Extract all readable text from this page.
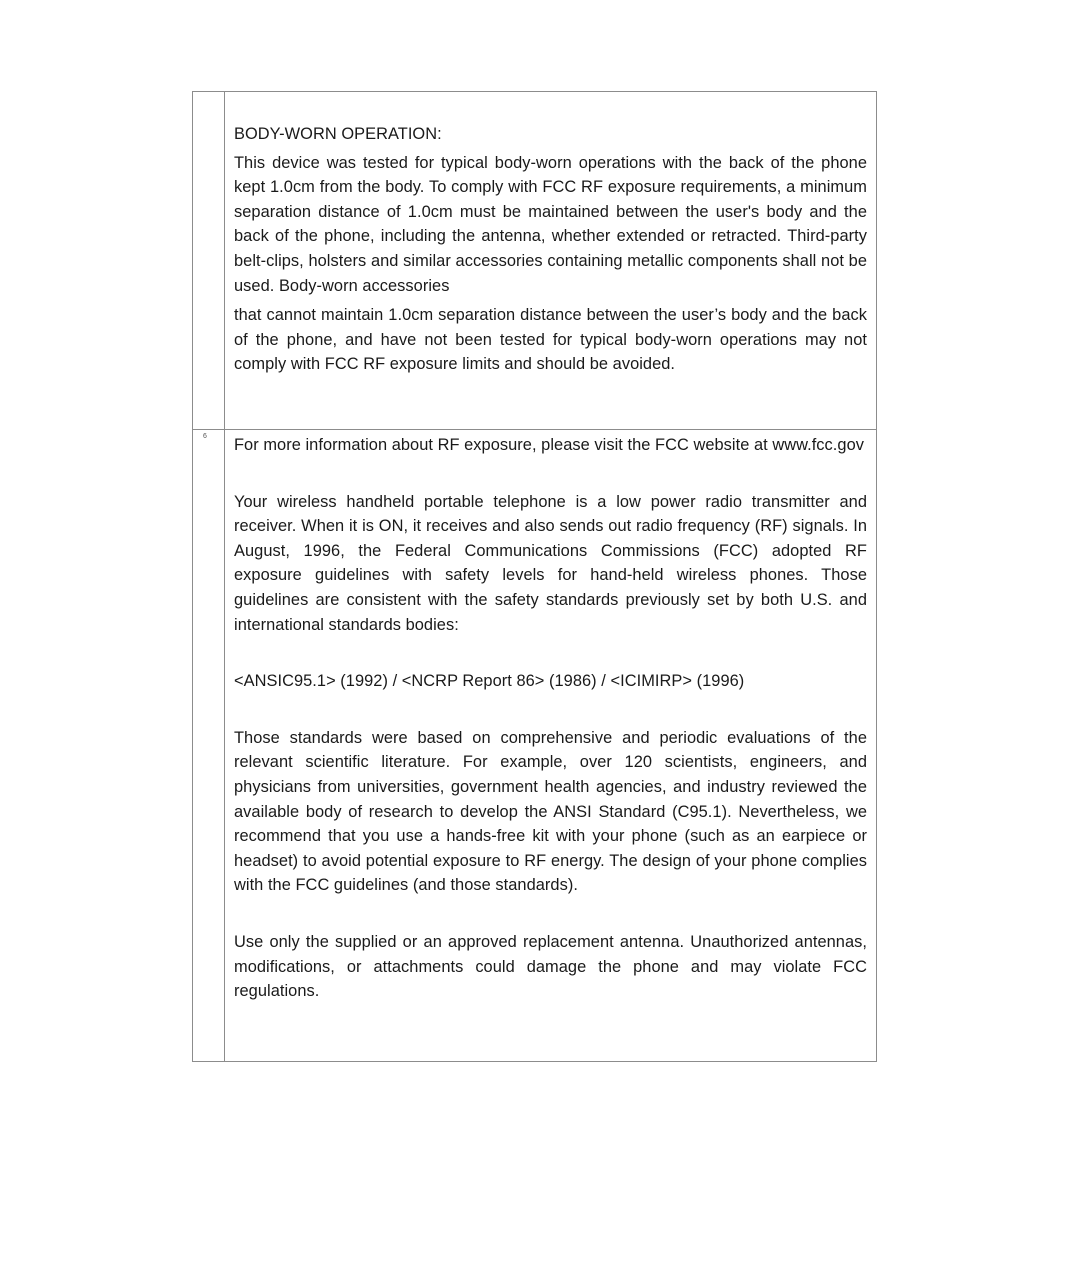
	BODY-WORN OPERATION:

This device was tested for typical body-worn operations with the back of the phone kept 1.0cm from the body. To comply with FCC RF exposure requirements, a minimum separation distance of 1.0cm must be maintained between the user's body and the back of the phone, including the antenna, whether extended or retracted. Third-party belt-clips, holsters and similar accessories containing metallic components shall not be used. Body-worn accessories

that cannot maintain 1.0cm separation distance between the user’s body and the back of the phone, and have not been tested for typical body-worn operations may not comply with FCC RF exposure limits and should be avoided.

6	For more information about RF exposure, please visit the FCC website at www.fcc.gov

Your wireless handheld portable telephone is a low power radio transmitter and receiver. When it is ON, it receives and also sends out radio frequency (RF) signals. In August, 1996, the Federal Communications Commissions (FCC) adopted RF exposure guidelines with safety levels for hand-held wireless phones. Those guidelines are consistent with the safety standards previously set by both U.S. and international standards bodies:

<ANSIC95.1> (1992) / <NCRP Report 86> (1986) / <ICIMIRP> (1996)

Those standards were based on comprehensive and periodic evaluations of the relevant scientific literature. For example, over 120 scientists, engineers, and physicians from universities, government health agencies, and industry reviewed the available body of research to develop the ANSI Standard (C95.1). Nevertheless, we recommend that you use a hands-free kit with your phone (such as an earpiece or headset) to avoid potential exposure to RF energy. The design of your phone complies with the FCC guidelines (and those standards).

Use only the supplied or an approved replacement antenna. Unauthorized antennas, modifications, or attachments could damage the phone and may violate FCC regulations.
